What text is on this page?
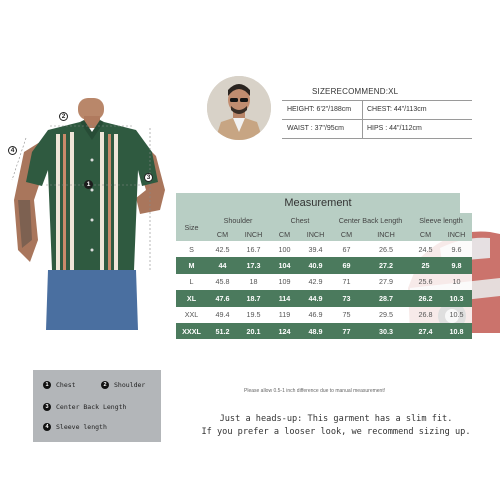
2
4
1
3
SIZERECOMMEND:XL
HEIGHT: 6'2"/188cm CHEST: 44"/113cm
WAIST : 37"/95cm	HIPS : 44"/112cm
Measurement
Size	Shoulder		Chest		Center Back Length		Sleeve length	
	CM	INCH	CM	INCH	CM	INCH	CM	INCH
S	42.5	16.7	100	39.4	67	26.5	24.5	9.6
M	44	17.3	104	40.9	69	27.2	25	9.8
L	45.8	18	109	42.9	71	27.9	25.6	10
XL	47.6	18.7	114	44.9	73	28.7	26.2	10.3
XXL	49.4	19.5	119	46.9	75	29.5	26.8	10.5
XXXL	51.2	20.1	124	48.9	77	30.3	27.4	10.8
1 Chest	2 Shoulder
3 Center Back Length
4 Sleeve length
Please allow 0.5-1 inch difference due to manual measurement!
Just a heads-up: This garment has a slim fit.
If you prefer a looser look, we recommend sizing up.
